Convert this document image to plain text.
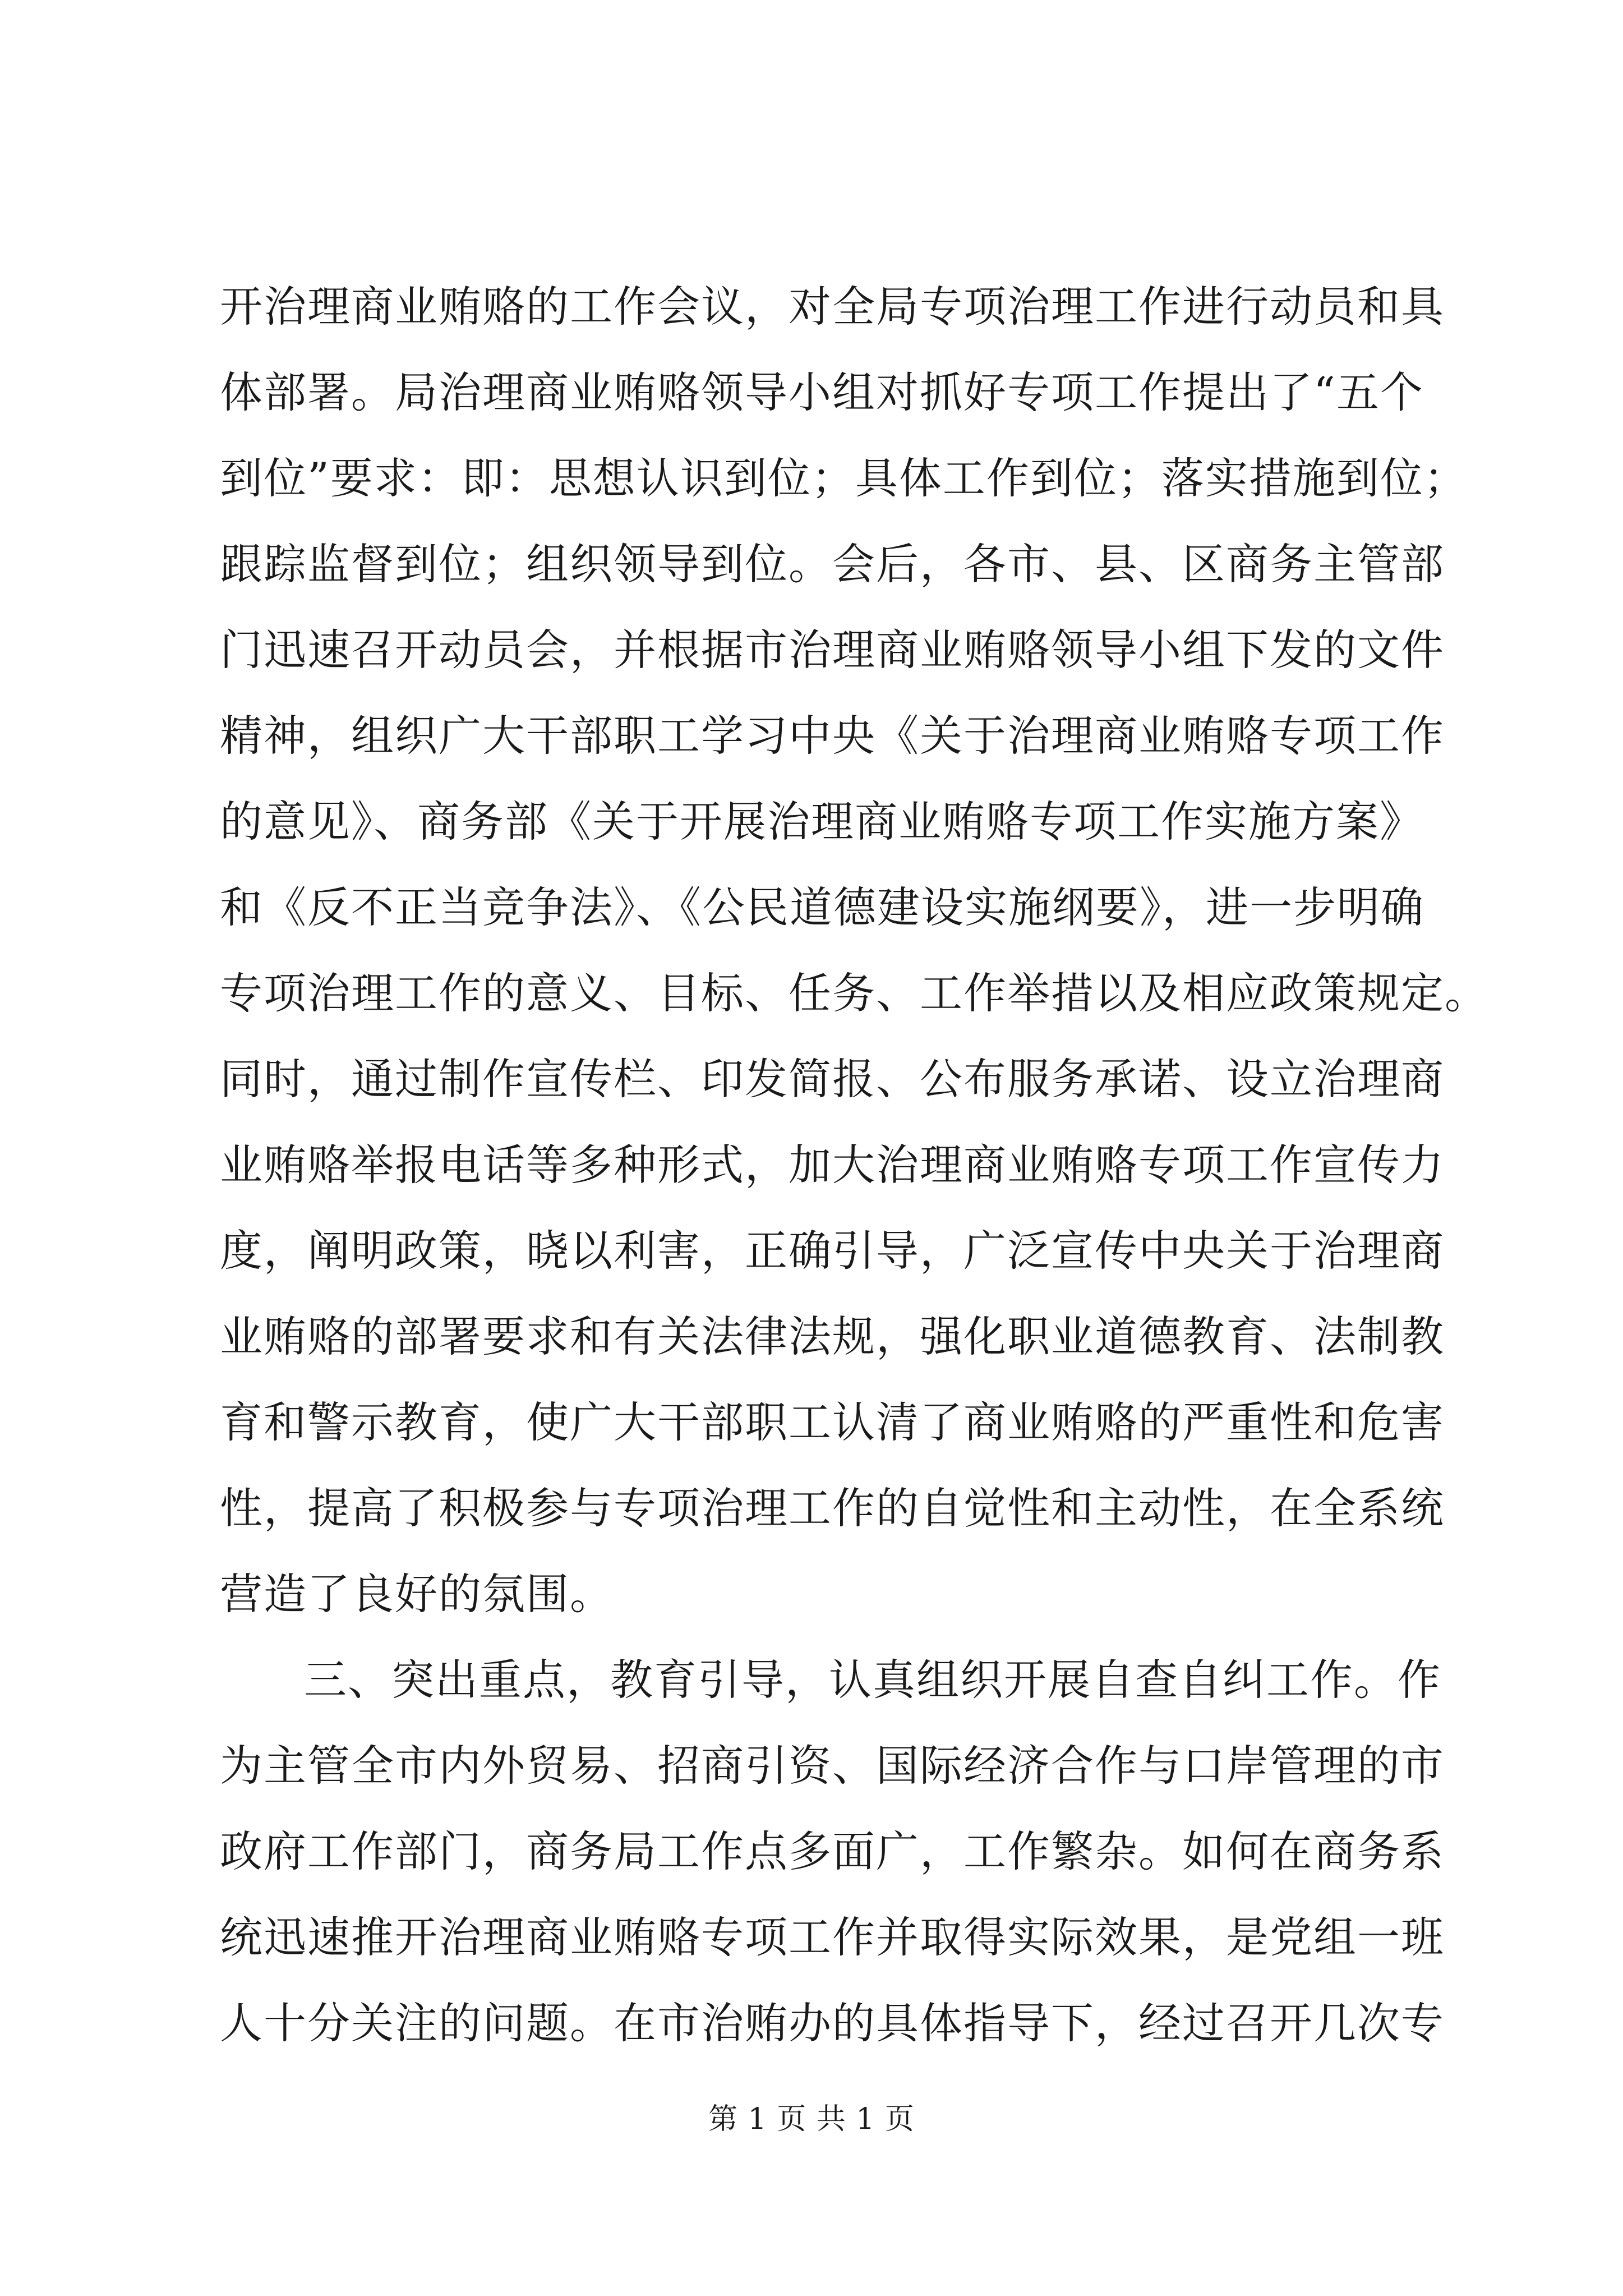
开治理商业贿赂的工作会议，对全局专项治理工作进行动员和具
体部署。局治理商业贿赂领导小组对抓好专项工作提出了“五个
到位”要求：即：思想认识到位；具体工作到位；落实措施到位；
跟踪监督到位；组织领导到位。会后，各市、县、区商务主管部
门迅速召开动员会，并根据市治理商业贿赂领导小组下发的文件
精神，组织广大干部职工学习中央《关于治理商业贿赂专项工作
的意见》、商务部《关于开展治理商业贿赂专项工作实施方案》
和《反不正当竞争法》、《公民道德建设实施纲要》，进一步明确
专项治理工作的意义、目标、任务、工作举措以及相应政策规定。
同时，通过制作宣传栏、印发简报、公布服务承诺、设立治理商
业贿赂举报电话等多种形式，加大治理商业贿赂专项工作宣传力
度，阐明政策，晓以利害，正确引导，广泛宣传中央关于治理商
业贿赂的部署要求和有关法律法规，强化职业道德教育、法制教
育和警示教育，使广大干部职工认清了商业贿赂的严重性和危害
性，提高了积极参与专项治理工作的自觉性和主动性，在全系统
营造了良好的氛围。
三、突出重点，教育引导，认真组织开展自查自纠工作。作
为主管全市内外贸易、招商引资、国际经济合作与口岸管理的市
政府工作部门，商务局工作点多面广，工作繁杂。如何在商务系
统迅速推开治理商业贿赂专项工作并取得实际效果，是党组一班
人十分关注的问题。在市治贿办的具体指导下，经过召开几次专
第 1 页 共 1 页
